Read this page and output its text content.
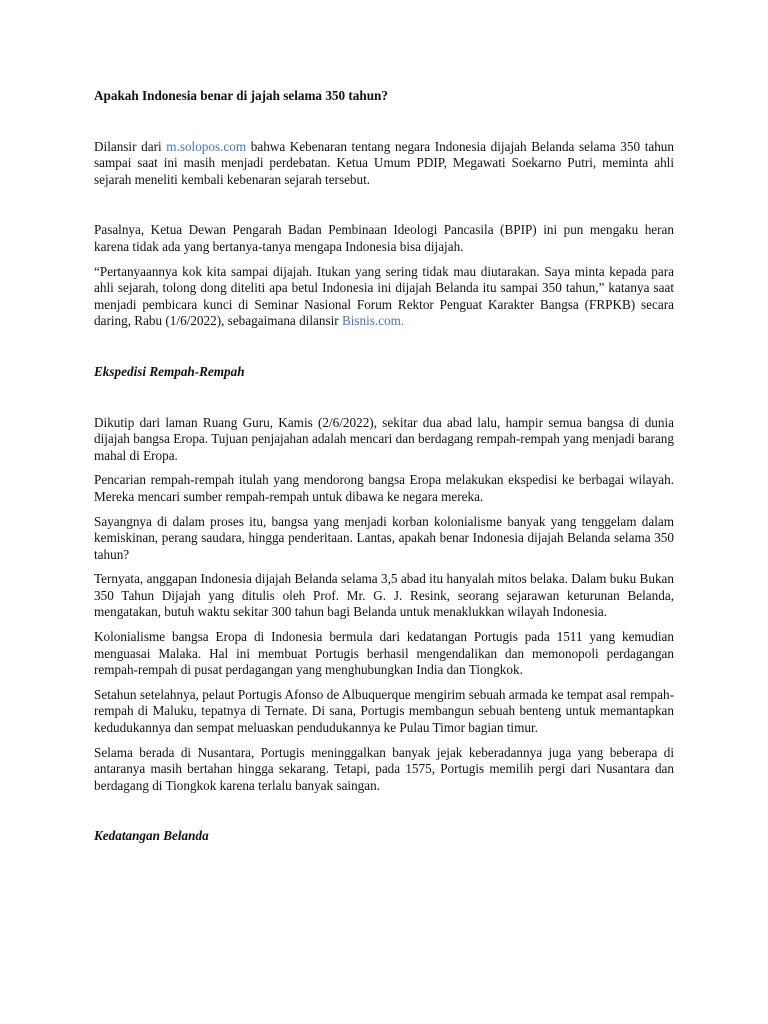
Apakah Indonesia benar di jajah selama 350 tahun?

Dilansir dari m.solopos.com bahwa Kebenaran tentang negara Indonesia dijajah Belanda selama 350 tahun sampai saat ini masih menjadi perdebatan. Ketua Umum PDIP, Megawati Soekarno Putri, meminta ahli sejarah meneliti kembali kebenaran sejarah tersebut.

Pasalnya, Ketua Dewan Pengarah Badan Pembinaan Ideologi Pancasila (BPIP) ini pun mengaku heran karena tidak ada yang bertanya-tanya mengapa Indonesia bisa dijajah.

“Pertanyaannya kok kita sampai dijajah. Itukan yang sering tidak mau diutarakan. Saya minta kepada para ahli sejarah, tolong dong diteliti apa betul Indonesia ini dijajah Belanda itu sampai 350 tahun,” katanya saat menjadi pembicara kunci di Seminar Nasional Forum Rektor Penguat Karakter Bangsa (FRPKB) secara daring, Rabu (1/6/2022), sebagaimana dilansir Bisnis.com.

Ekspedisi Rempah-Rempah

Dikutip dari laman Ruang Guru, Kamis (2/6/2022), sekitar dua abad lalu, hampir semua bangsa di dunia dijajah bangsa Eropa. Tujuan penjajahan adalah mencari dan berdagang rempah-rempah yang menjadi barang mahal di Eropa.

Pencarian rempah-rempah itulah yang mendorong bangsa Eropa melakukan ekspedisi ke berbagai wilayah. Mereka mencari sumber rempah-rempah untuk dibawa ke negara mereka.

Sayangnya di dalam proses itu, bangsa yang menjadi korban kolonialisme banyak yang tenggelam dalam kemiskinan, perang saudara, hingga penderitaan. Lantas, apakah benar Indonesia dijajah Belanda selama 350 tahun?

Ternyata, anggapan Indonesia dijajah Belanda selama 3,5 abad itu hanyalah mitos belaka. Dalam buku Bukan 350 Tahun Dijajah yang ditulis oleh Prof. Mr. G. J. Resink, seorang sejarawan keturunan Belanda, mengatakan, butuh waktu sekitar 300 tahun bagi Belanda untuk menaklukkan wilayah Indonesia.

Kolonialisme bangsa Eropa di Indonesia bermula dari kedatangan Portugis pada 1511 yang kemudian menguasai Malaka. Hal ini membuat Portugis berhasil mengendalikan dan memonopoli perdagangan rempah-rempah di pusat perdagangan yang menghubungkan India dan Tiongkok.

Setahun setelahnya, pelaut Portugis Afonso de Albuquerque mengirim sebuah armada ke tempat asal rempah-rempah di Maluku, tepatnya di Ternate. Di sana, Portugis membangun sebuah benteng untuk memantapkan kedudukannya dan sempat meluaskan pendudukannya ke Pulau Timor bagian timur.

Selama berada di Nusantara, Portugis meninggalkan banyak jejak keberadannya juga yang beberapa di antaranya masih bertahan hingga sekarang. Tetapi, pada 1575, Portugis memilih pergi dari Nusantara dan berdagang di Tiongkok karena terlalu banyak saingan.

Kedatangan Belanda
